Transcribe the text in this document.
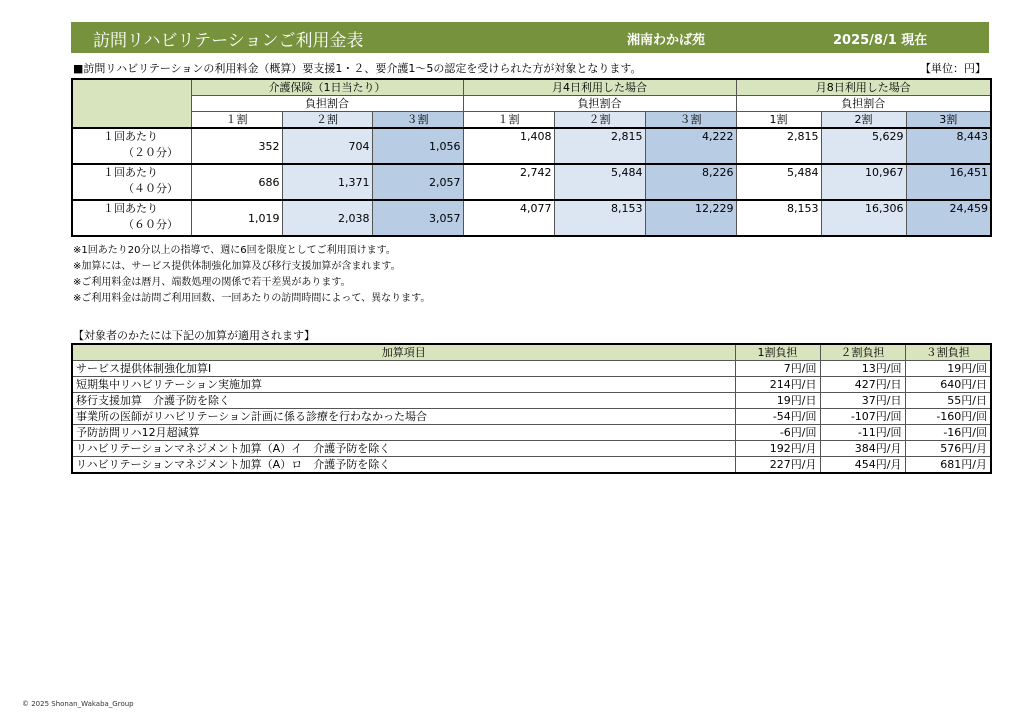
訪問リハビリテーションご利用金表	湘南わかば苑	2025/8/1 現在
■訪問リハビリテーションの利用料金（概算）要支援1・２、要介護1～5の認定を受けられた方が対象となります。	【単位：円】
	介護保険（1日当たり）			月4日利用した場合			月8日利用した場合		
	負担割合			負担割合			負担割合		
	１割	２割	３割	１割	２割	３割	1割	2割	3割

１回あたり
（２０分）	352	704	1,056	1,408	2,815	4,222	2,815	5,629	8,443

１回あたり
（４０分）	686	1,371	2,057	2,742	5,484	8,226	5,484	10,967	16,451

１回あたり
（６０分）	1,019	2,038	3,057	4,077	8,153	12,229	8,153	16,306	24,459
※1回あたり20分以上の指導で、週に6回を限度としてご利用頂けます。
※加算には、サービス提供体制強化加算及び移行支援加算が含まれます。
※ご利用料金は暦月、端数処理の関係で若干差異があります。
※ご利用料金は訪問ご利用回数、一回あたりの訪問時間によって、異なります。
【対象者のかたには下記の加算が適用されます】
加算項目	1割負担	２割負担	３割負担
サービス提供体制強化加算Ⅰ	7円/回	13円/回	19円/回
短期集中リハビリテーション実施加算	214円/日	427円/日	640円/日
移行支援加算　介護予防を除く	19円/日	37円/日	55円/日
事業所の医師がリハビリテーション計画に係る診療を行わなかった場合	-54円/回	-107円/回	-160円/回
予防訪問リハ12月超減算	-6円/回	-11円/回	-16円/回
リハビリテーションマネジメント加算（A）イ　介護予防を除く	192円/月	384円/月	576円/月
リハビリテーションマネジメント加算（A）ロ　介護予防を除く	227円/月	454円/月	681円/月
© 2025 Shonan_Wakaba_Group
